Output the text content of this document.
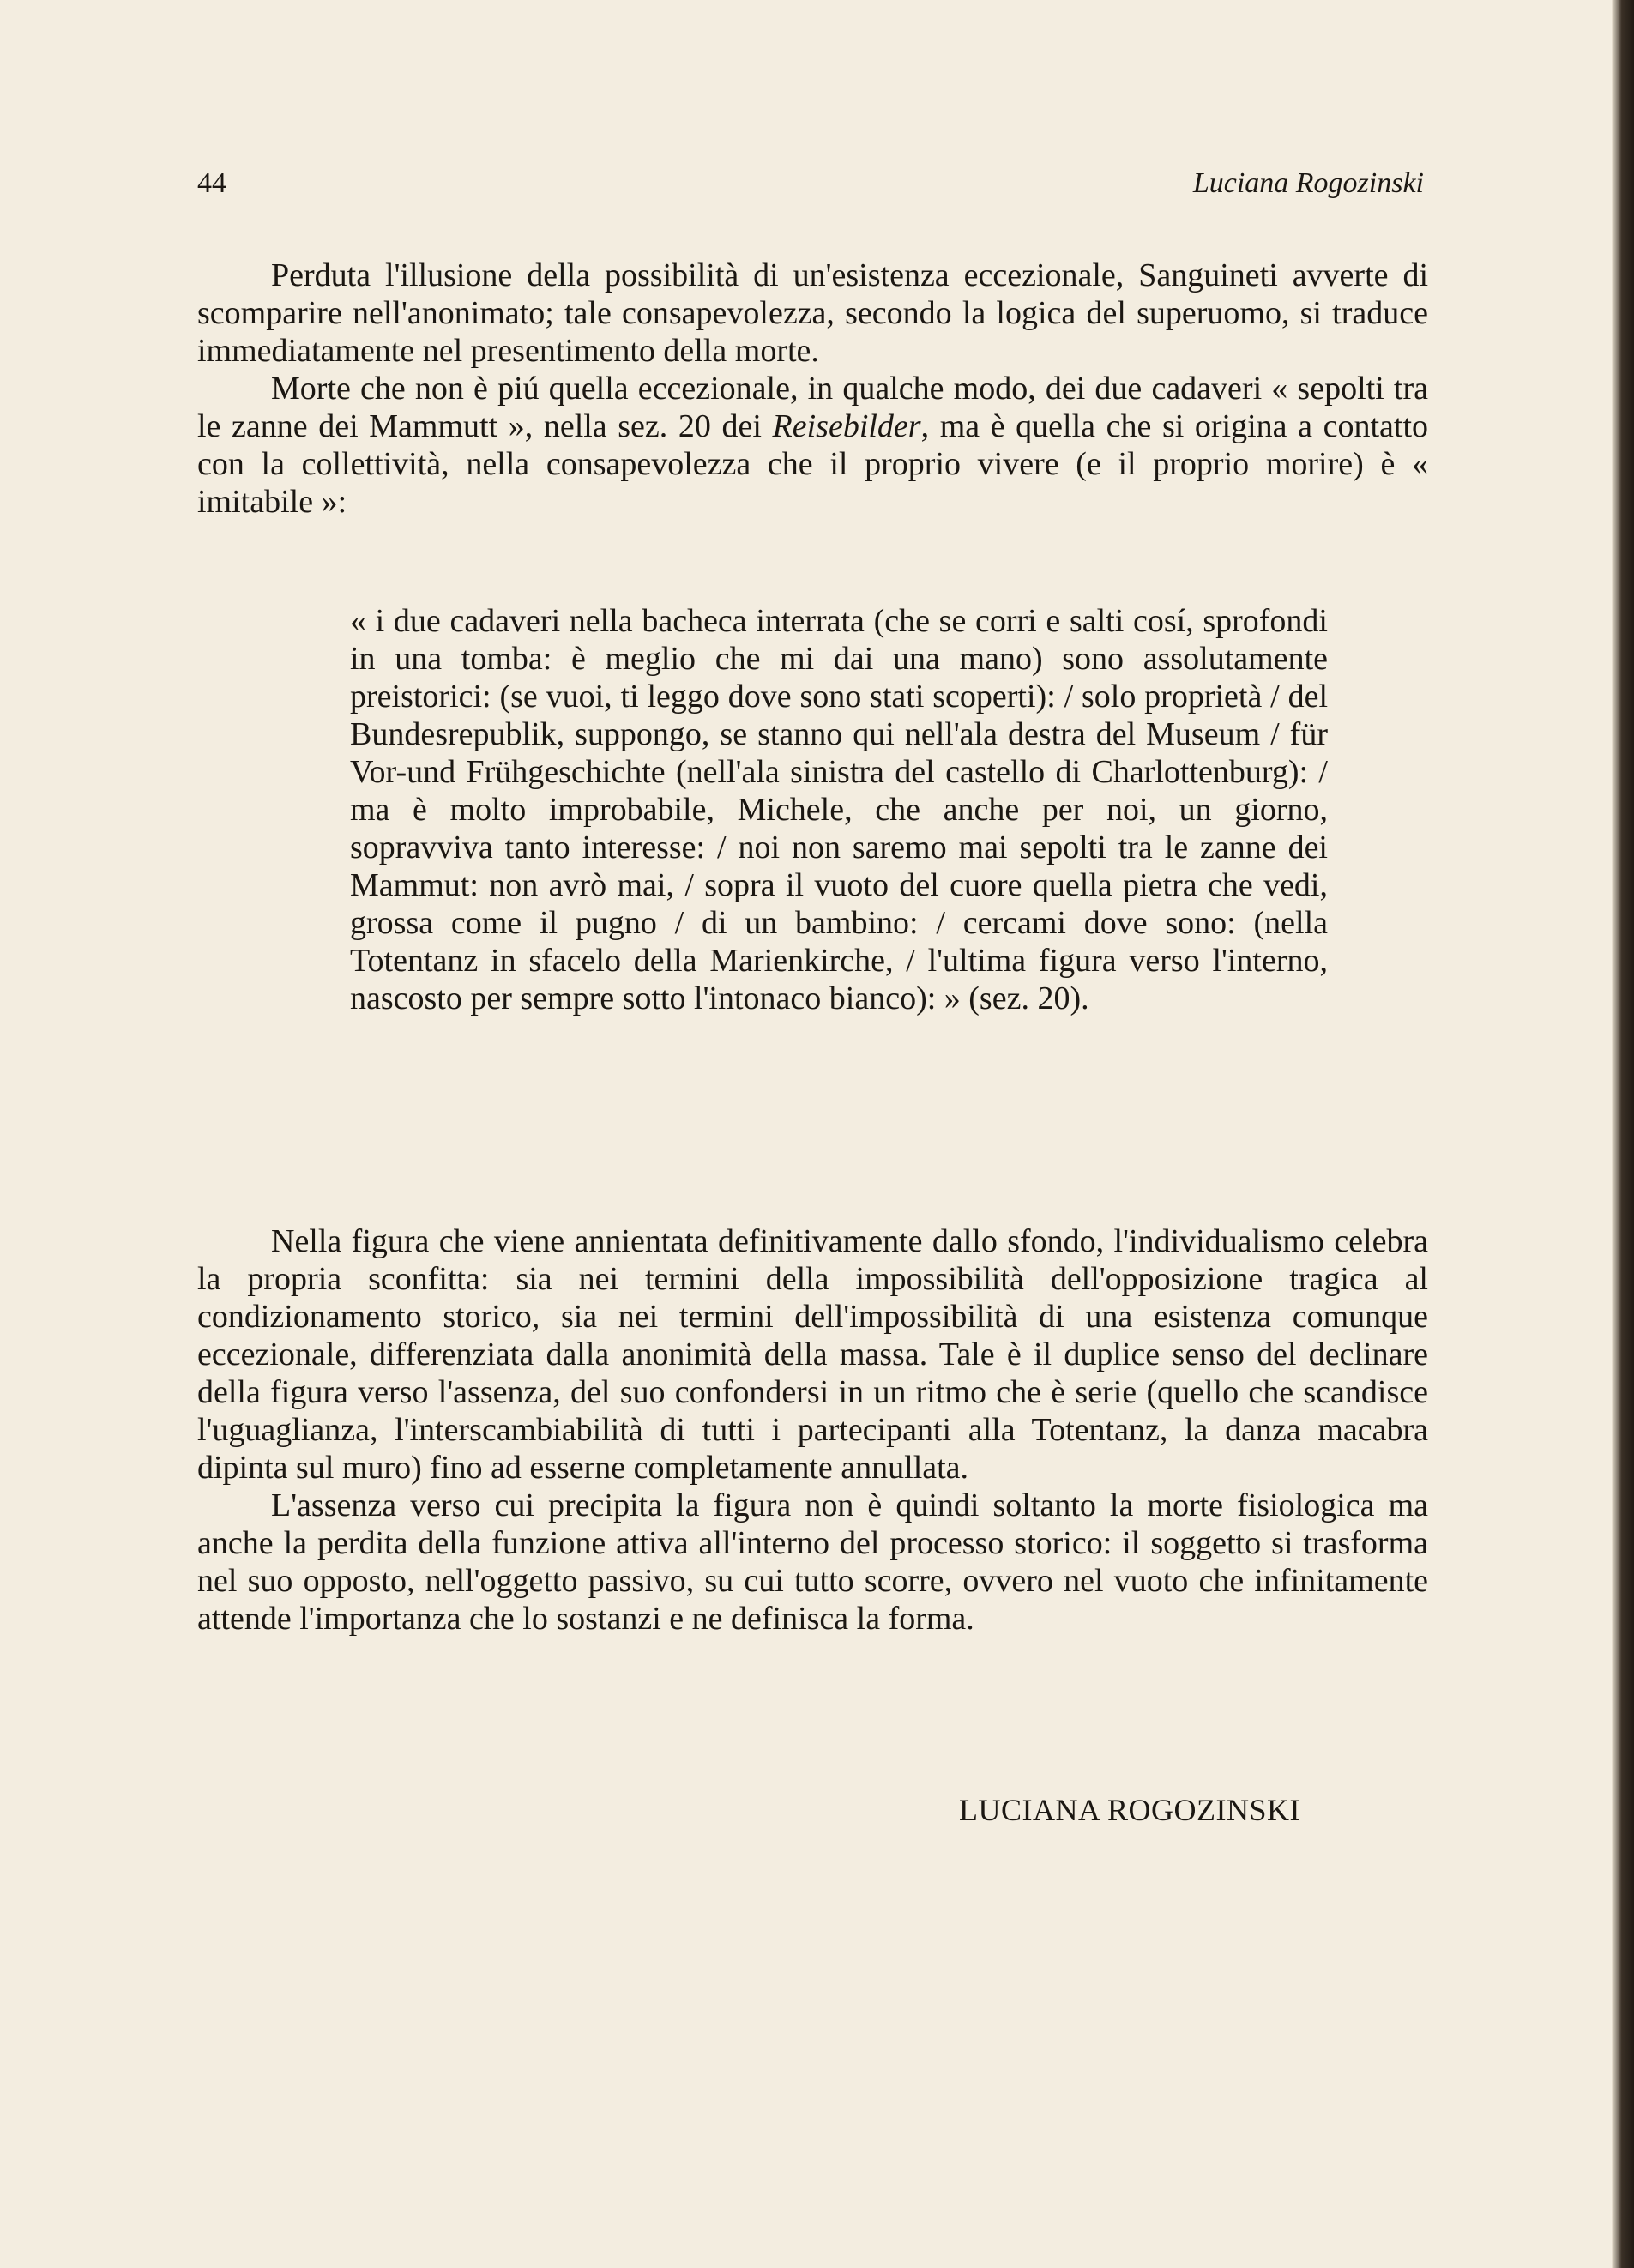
44	Luciana Rogozinski

Perduta l'illusione della possibilità di un'esistenza eccezionale, Sanguineti avverte di scomparire nell'anonimato; tale consapevolezza, secondo la logica del superuomo, si traduce immediatamente nel presentimento della morte.

Morte che non è piú quella eccezionale, in qualche modo, dei due cadaveri « sepolti tra le zanne dei Mammutt », nella sez. 20 dei Reisebilder, ma è quella che si origina a contatto con la collettività, nella consapevolezza che il proprio vivere (e il proprio morire) è « imitabile »:

« i due cadaveri nella bacheca interrata (che se corri e salti cosí, sprofondi in una tomba: è meglio che mi dai una mano) sono assolutamente preistorici: (se vuoi, ti leggo dove sono stati scoperti): / solo proprietà / del Bundesrepublik, suppongo, se stanno qui nell'ala destra del Museum / für Vor-und Frühgeschichte (nell'ala sinistra del castello di Charlottenburg): / ma è molto improbabile, Michele, che anche per noi, un giorno, sopravviva tanto interesse: / noi non saremo mai sepolti tra le zanne dei Mammut: non avrò mai, / sopra il vuoto del cuore quella pietra che vedi, grossa come il pugno / di un bambino: / cercami dove sono: (nella Totentanz in sfacelo della Marienkirche, / l'ultima figura verso l'interno, nascosto per sempre sotto l'intonaco bianco): » (sez. 20).

Nella figura che viene annientata definitivamente dallo sfondo, l'individualismo celebra la propria sconfitta: sia nei termini della impossibilità dell'opposizione tragica al condizionamento storico, sia nei termini dell'impossibilità di una esistenza comunque eccezionale, differenziata dalla anonimità della massa. Tale è il duplice senso del declinare della figura verso l'assenza, del suo confondersi in un ritmo che è serie (quello che scandisce l'uguaglianza, l'interscambiabilità di tutti i partecipanti alla Totentanz, la danza macabra dipinta sul muro) fino ad esserne completamente annullata.

L'assenza verso cui precipita la figura non è quindi soltanto la morte fisiologica ma anche la perdita della funzione attiva all'interno del processo storico: il soggetto si trasforma nel suo opposto, nell'oggetto passivo, su cui tutto scorre, ovvero nel vuoto che infinitamente attende l'importanza che lo sostanzi e ne definisca la forma.

LUCIANA ROGOZINSKI
